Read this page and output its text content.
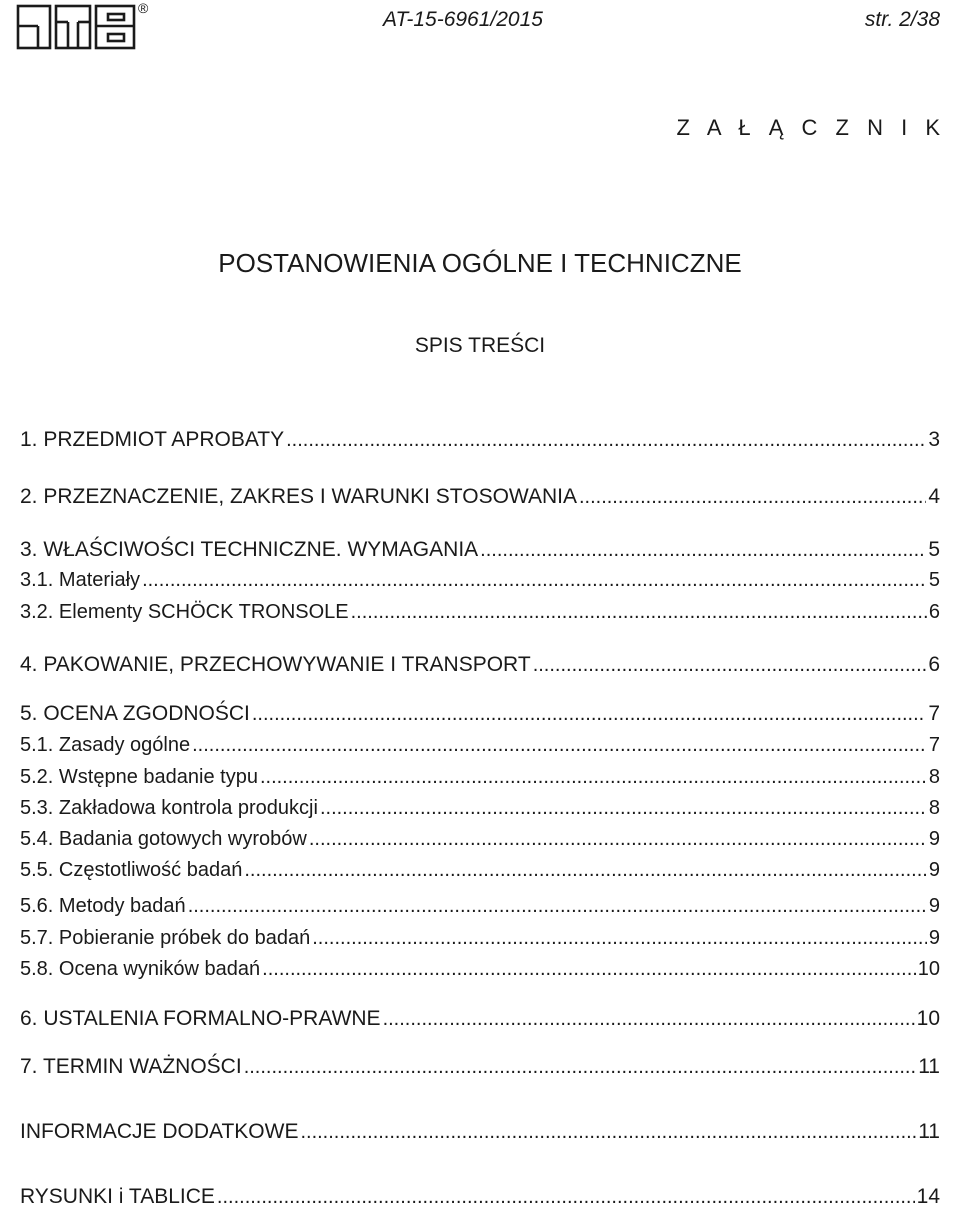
®	AT-15-6961/2015	str. 2/38
Z A Ł Ą C Z N I K
POSTANOWIENIA OGÓLNE I TECHNICZNE
SPIS TREŚCI
1. PRZEDMIOT APROBATY .....	3
2. PRZEZNACZENIE, ZAKRES I WARUNKI STOSOWANIA .....	4
3. WŁAŚCIWOŚCI TECHNICZNE. WYMAGANIA .....	5
3.1. Materiały .....	5
3.2. Elementy SCHÖCK TRONSOLE .....	6
4. PAKOWANIE, PRZECHOWYWANIE I TRANSPORT .....	6
5. OCENA ZGODNOŚCI .....	7
5.1. Zasady ogólne .....	7
5.2. Wstępne badanie typu .....	8
5.3. Zakładowa kontrola produkcji .....	8
5.4. Badania gotowych wyrobów .....	9
5.5. Częstotliwość badań .....	9
5.6. Metody badań .....	9
5.7. Pobieranie próbek do badań .....	9
5.8. Ocena wyników badań .....	10
6. USTALENIA FORMALNO-PRAWNE .....	10
7. TERMIN WAŻNOŚCI .....	11
INFORMACJE DODATKOWE .....	11
RYSUNKI i TABLICE .....	14
